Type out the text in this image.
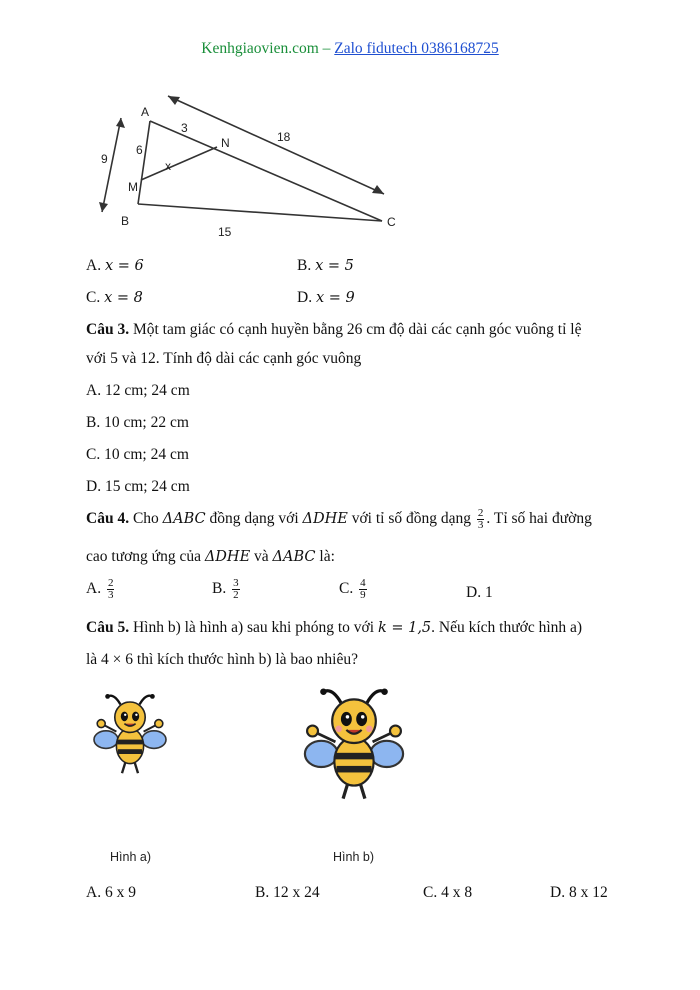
Kenhgiaovien.com – Zalo fidutech 0386168725
A
B	C
M
N
9
6
3
x
18
15
A. x = 6	B. x = 5
C. x = 8	D. x = 9
Câu 3. Một tam giác có cạnh huyền bằng 26 cm độ dài các cạnh góc vuông tỉ lệ
với 5 và 12. Tính độ dài các cạnh góc vuông
A. 12 cm; 24 cm
B. 10 cm; 22 cm
C. 10 cm; 24 cm
D. 15 cm; 24 cm
Câu 4. Cho ΔABC đồng dạng với ΔDHE với tỉ số đồng dạng $\frac{2}{3}$ . Tỉ số hai đường
cao tương ứng của ΔDHE và ΔABC là:
A. $\frac{2}{3}$	B. $\frac{3}{2}$	C. $\frac{4}{9}$	D. 1
Câu 5. Hình b) là hình a) sau khi phóng to với k = 1,5. Nếu kích thước hình a)
là 4 × 6 thì kích thước hình b) là bao nhiêu?
Hình a)	Hình b)
A. 6 x 9	B. 12 x 24	C. 4 x 8	D. 8 x 12
